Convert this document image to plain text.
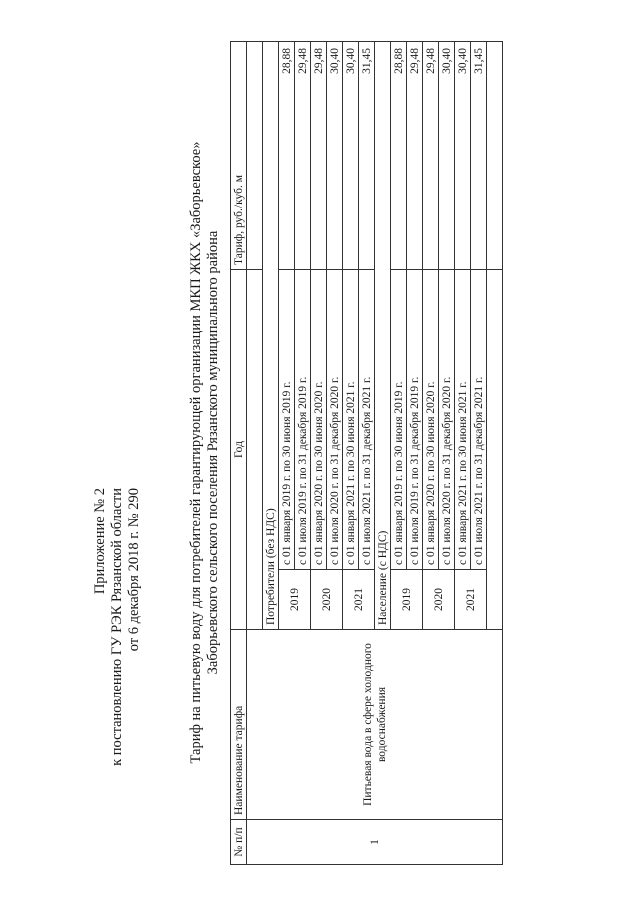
Приложение № 2 к постановлению ГУ РЭК Рязанской области от 6 декабря 2018 г. № 290	Тариф на питьевую воду для потребителей гарантирующей организации МКП ЖКХ «Заборьевское» Заборьевского сельского поселения Рязанского муниципального района
№ п/п	Наименование тарифа	Год		Тариф, руб./куб. м
1	Питьевая вода в сфере холодного водоснабжения			
		Потребители (без НДС)		
		2019	с 01 января 2019 г. по 30 июня 2019 г.	28,88
			с 01 июля 2019 г. по 31 декабря 2019 г.	29,48
		2020	с 01 января 2020 г. по 30 июня 2020 г.	29,48
			с 01 июля 2020 г. по 31 декабря 2020 г.	30,40
		2021	с 01 января 2021 г. по 30 июня 2021 г.	30,40
			с 01 июля 2021 г. по 31 декабря 2021 г.	31,45
		Население (с НДС)		
		2019	с 01 января 2019 г. по 30 июня 2019 г.	28,88
			с 01 июля 2019 г. по 31 декабря 2019 г.	29,48
		2020	с 01 января 2020 г. по 30 июня 2020 г.	29,48
			с 01 июля 2020 г. по 31 декабря 2020 г.	30,40
		2021	с 01 января 2021 г. по 30 июня 2021 г.	30,40
			с 01 июля 2021 г. по 31 декабря 2021 г.	31,45
